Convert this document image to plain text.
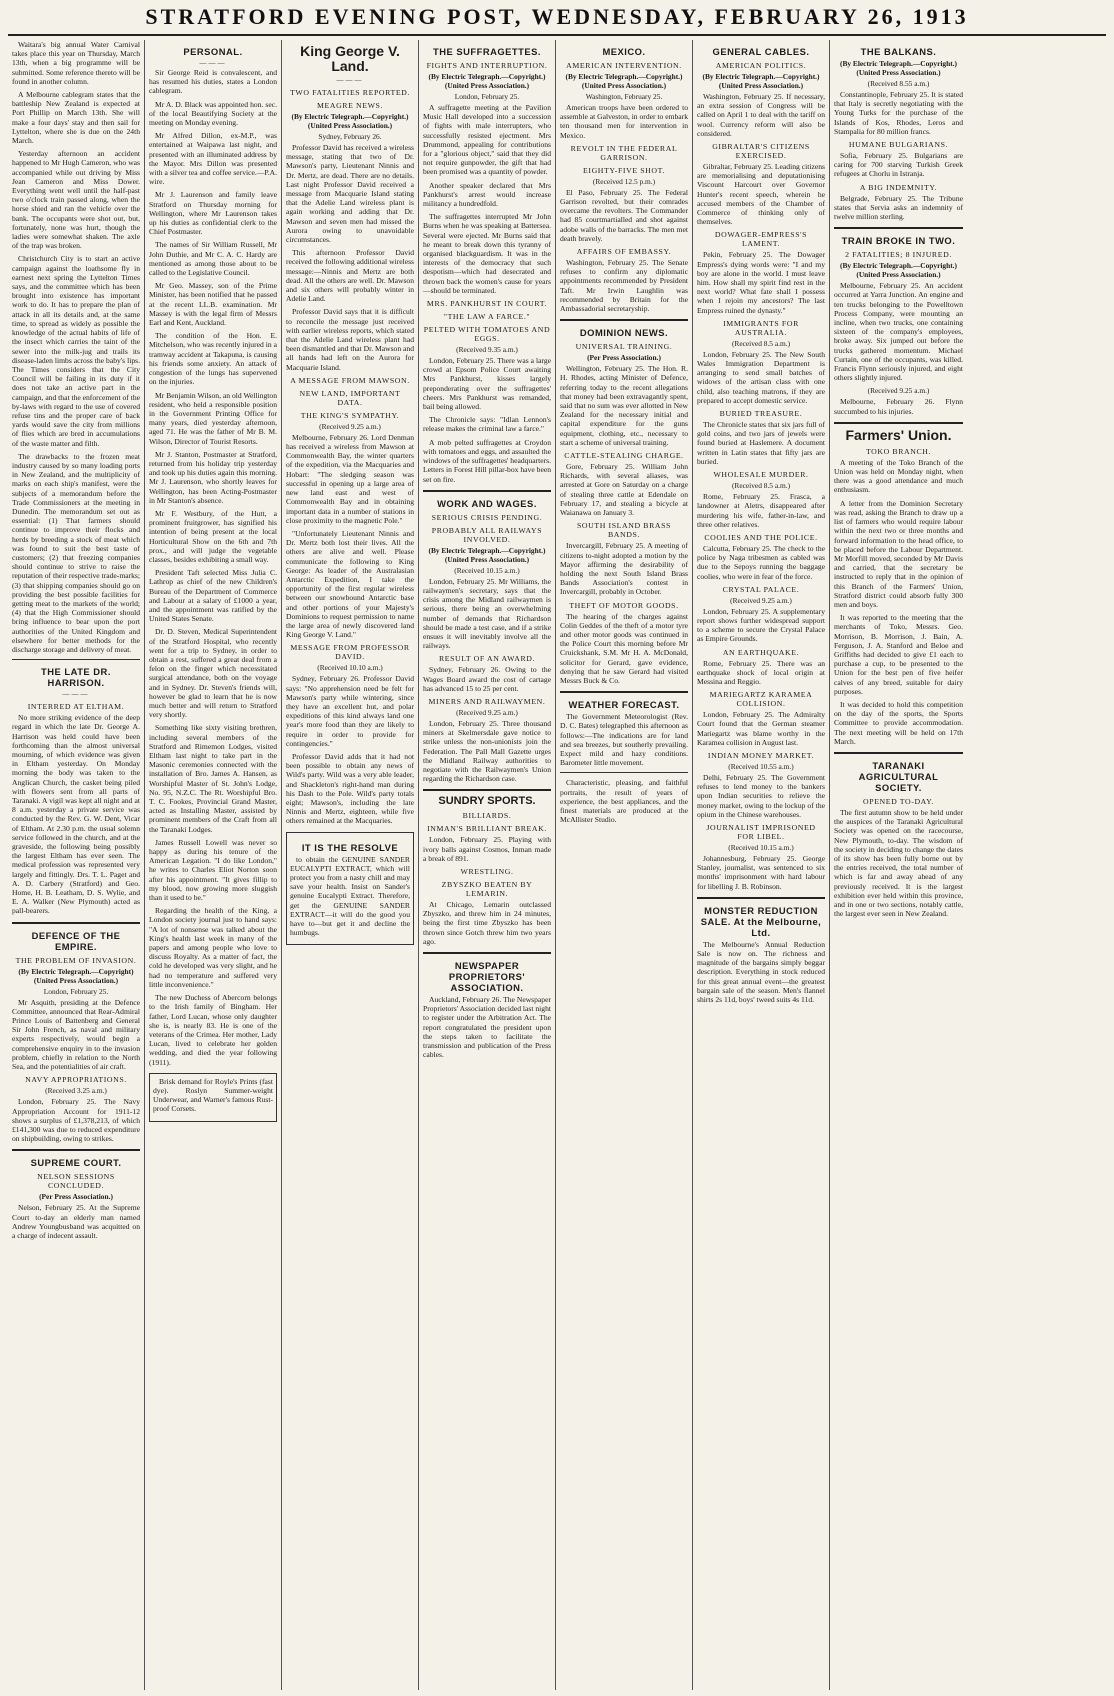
STRATFORD EVENING POST, WEDNESDAY, FEBRUARY 26, 1913

Waitara's big annual Water Carnival takes place this year on Thursday, March 13th, when a big programme will be submitted. Some reference thereto will be found in another column.

A Melbourne cablegram states that the battleship New Zealand is expected at Port Phillip on March 13th. She will make a four days' stay and then sail for Lyttelton, where she is due on the 24th March.

Yesterday afternoon an accident happened to Mr Hugh Cameron, who was accompanied while out driving by Miss Jean Cameron and Miss Dower. Everything went well until the half-past two o'clock train passed along, when the horse shied and ran the vehicle over the bank. The occupants were shot out, but, fortunately, none was hurt, though the ladies were somewhat shaken. The axle of the trap was broken.

Christchurch City is to start an active campaign against the loathsome fly in earnest next spring the Lyttelton Times says, and the committee which has been brought into existence has important work to do. It has to prepare the plan of attack in all its details and, at the same time, to spread as widely as possible the knowledge of the actual habits of life of the insect which carries the taint of the sewer into the milk-jug and trails its disease-laden limbs across the baby's lips. The Times considers that the City Council will be failing in its duty if it does not take an active part in the campaign, and that the enforcement of the by-laws with regard to the use of covered refuse tins and the proper care of back yards would save the city from millions of flies which are bred in accumulations of the waste matter and filth.

The drawbacks to the frozen meat industry caused by so many loading ports in New Zealand, and the multiplicity of marks on each ship's manifest, were the subjects of a memorandum before the Trade Commissioners at the meeting in Dunedin. The memorandum set out as essential: (1) That farmers should continue to improve their flocks and herds by breeding a stock of meat which was found to suit the best taste of customers; (2) that freezing companies should continue to strive to raise the reputation of their respective trade-marks; (3) that shipping companies should go on providing the best possible facilities for getting meat to the markets of the world; (4) that the High Commissioner should bring influence to bear upon the port authorities of the United Kingdom and elsewhere for better methods for the discharge storage and delivery of meat.

THE LATE DR. HARRISON.
———
INTERRED AT ELTHAM.

No more striking evidence of the deep regard in which the late Dr. George A. Harrison was held could have been forthcoming than the almost universal mourning, of which evidence was given in Eltham yesterday. On Monday morning the body was taken to the Anglican Church, the casket being piled with flowers sent from all parts of Taranaki. A vigil was kept all night and at 8 a.m. yesterday a private service was conducted by the Rev. G. W. Dent, Vicar of Eltham. At 2.30 p.m. the usual solemn service followed in the church, and at the graveside, the following being possibly the largest Eltham has ever seen. The medical profession was represented very largely and fittingly. Drs. T. L. Paget and A. D. Carbery (Stratford) and Geo. Home, H. B. Leatham, D. S. Wylie, and E. A. Walker (New Plymouth) acted as pall-bearers.

DEFENCE OF THE EMPIRE.
THE PROBLEM OF INVASION.
(By Electric Telegraph.—Copyright) (United Press Association.)
London, February 25.

Mr Asquith, presiding at the Defence Committee, announced that Rear-Admiral Prince Louis of Battenberg and General Sir John French, as naval and military experts respectively, would begin a comprehensive enquiry in to the invasion problem, chiefly in relation to the North Sea, and the potentialities of air craft.

NAVY APPROPRIATIONS.
(Received 3.25 a.m.)

London, February 25. The Navy Appropriation Account for 1911-12 shows a surplus of £1,378,213, of which £141,300 was due to reduced expenditure on shipbuilding, owing to strikes.

SUPREME COURT.
NELSON SESSIONS CONCLUDED.
(Per Press Association.)

Nelson, February 25. At the Supreme Court to-day an elderly man named Andrew Youngbusband was acquitted on a charge of indecent assault.

PERSONAL.
———

Sir George Reid is convalescent, and has resumed his duties, states a London cablegram.

Mr A. D. Black was appointed hon. sec. of the local Beautifying Society at the meeting on Monday evening.

Mr Alfred Dillon, ex-M.P., was entertained at Waipawa last night, and presented with an illuminated address by the Mayor. Mrs Dillon was presented with a silver tea and coffee service.—P.A. wire.

Mr J. Laurenson and family leave Stratford on Thursday morning for Wellington, where Mr Laurenson takes up his duties as confidential clerk to the Chief Postmaster.

The names of Sir William Russell, Mr John Duthie, and Mr C. A. C. Hardy are mentioned as among those about to be called to the Legislative Council.

Mr Geo. Massey, son of the Prime Minister, has been notified that he passed at the recent LL.B. examination. Mr Massey is with the legal firm of Messrs Earl and Kent, Auckland.

The condition of the Hon. E. Mitchelson, who was recently injured in a tramway accident at Takapuna, is causing his friends some anxiety. An attack of congestion of the lungs has supervened on the injuries.

Mr Benjamin Wilson, an old Wellington resident, who held a responsible position in the Government Printing Office for many years, died yesterday afternoon, aged 71. He was the father of Mr B. M. Wilson, Director of Tourist Resorts.

Mr J. Stanton, Postmaster at Stratford, returned from his holiday trip yesterday and took up his duties again this morning. Mr J. Laurenson, who shortly leaves for Wellington, has been Acting-Postmaster in Mr Stanton's absence.

Mr F. Westbury, of the Hutt, a prominent fruitgrower, has signified his intention of being present at the local Horticultural Show on the 6th and 7th prox., and will judge the vegetable classes, besides exhibiting a small way.

President Taft selected Miss Julia C. Lathrop as chief of the new Children's Bureau of the Department of Commerce and Labour at a salary of £1000 a year, and the appointment was ratified by the United States Senate.

Dr. D. Steven, Medical Superintendent of the Stratford Hospital, who recently went for a trip to Sydney, in order to obtain a rest, suffered a great deal from a felon on the finger which necessitated surgical attendance, both on the voyage and in Sydney. Dr. Steven's friends will, however be glad to learn that he is now much better and will return to Stratford very shortly.

Something like sixty visiting brethren, including several members of the Stratford and Rimemon Lodges, visited Eltham last night to take part in the Masonic ceremonies connected with the installation of Bro. James A. Hansen, as Worshipful Master of St. John's Lodge, No. 95, N.Z.C. The Rt. Worshipful Bro. T. C. Fookes, Provincial Grand Master, acted as Installing Master, assisted by prominent members of the Craft from all the Taranaki Lodges.

James Russell Lowell was never so happy as during his tenure of the American Legation. "I do like London," he writes to Charles Eliot Norton soon after his appointment. "It gives fillip to my blood, now growing more sluggish than it used to be."

Regarding the health of the King, a London society journal just to hand says: "A lot of nonsense was talked about the King's health last week in many of the papers and among people who love to discuss Royalty. As a matter of fact, the cold he developed was very slight, and he had no temperature and suffered very little inconvenience."

The new Duchess of Abercorn belongs to the Irish family of Bingham. Her father, Lord Lucan, whose only daughter she is, is nearly 83. He is one of the veterans of the Crimea. Her mother, Lady Lucan, lived to celebrate her golden wedding, and died the year following (1911).

Brisk demand for Royle's Prints (fast dye). Roslyn Summer-weight Underwear, and Warner's famous Rust-proof Corsets.

King George V. Land.
———
TWO FATALITIES REPORTED.
MEAGRE NEWS.
(By Electric Telegraph.—Copyright.) (United Press Association.)
Sydney, February 26.

Professor David has received a wireless message, stating that two of Dr. Mawson's party, Lieutenant Ninnis and Dr. Mertz, are dead. There are no details. Last night Professor David received a message from Macquarie Island stating that the Adelie Land wireless plant is again working and adding that Dr. Mawson and seven men had missed the Aurora owing to unavoidable circumstances.

This afternoon Professor David received the following additional wireless message:—Ninnis and Mertz are both dead. All the others are well. Dr. Mawson and six others will probably winter in Adelie Land.

Professor David says that it is difficult to reconcile the message just received with earlier wireless reports, which stated that the Adelie Land wireless plant had been dismantled and that Dr. Mawson and all hands had left on the Aurora for Macquarie Island.

A MESSAGE FROM MAWSON.
NEW LAND, IMPORTANT DATA.
THE KING'S SYMPATHY.
(Received 9.25 a.m.)

Melbourne, February 26. Lord Denman has received a wireless from Mawson at Commonwealth Bay, the winter quarters of the expedition, via the Macquaries and Hobart: "The sledging season was successful in opening up a large area of new land east and west of Commonwealth Bay and in obtaining important data in a number of stations in close proximity to the magnetic Pole."

"Unfortunately Lieutenant Ninnis and Dr. Mertz both lost their lives. All the others are alive and well. Please communicate the following to King George: As leader of the Australasian Antarctic Expedition, I take the opportunity of the first regular wireless between our snowbound Antarctic base and other portions of your Majesty's Dominions to request permission to name the large area of newly discovered land King George V. Land."

MESSAGE FROM PROFESSOR DAVID.
(Received 10.10 a.m.)

Sydney, February 26. Professor David says: "No apprehension need be felt for Mawson's party while wintering, since they have an excellent hut, and polar expeditions of this kind always land one year's more food than they are likely to require in order to provide for contingencies."

Professor David adds that it had not been possible to obtain any news of Wild's party. Wild was a very able leader, and Shackleton's right-hand man during his Dash to the Pole. Wild's party totals eight; Mawson's, including the late Ninnis and Mertz, eighteen, while five others remained at the Macquaries.

IT IS THE RESOLVE

to obtain the GENUINE SANDER EUCALYPTI EXTRACT, which will protect you from a nasty chill and may save your health. Insist on Sander's genuine Eucalypti Extract. Therefore, get the GENUINE SANDER EXTRACT—it will do the good you have to—but get it and decline the humbugs.

THE SUFFRAGETTES.
FIGHTS AND INTERRUPTION.
(By Electric Telegraph.—Copyright.) (United Press Association.)
London, February 25.

A suffragette meeting at the Pavilion Music Hall developed into a succession of fights with male interrupters, who successfully resisted ejectment. Mrs Drummond, appealing for contributions for a "glorious object," said that they did not require gunpowder, the gift that had been promised was a quantity of powder.

Another speaker declared that Mrs Pankhurst's arrest would increase militancy a hundredfold.

The suffragettes interrupted Mr John Burns when he was speaking at Battersea. Several were ejected. Mr Burns said that he meant to break down this tyranny of organised blackguardism. It was in the interests of the democracy that such despotism—which had desecrated and thrown back the women's cause for years—should be terminated.

MRS. PANKHURST IN COURT.
"THE LAW A FARCE."
PELTED WITH TOMATOES AND EGGS.
(Received 9.35 a.m.)

London, February 25. There was a large crowd at Epsom Police Court awaiting Mrs Pankhurst, kisses largely preponderating over the suffragettes' cheers. Mrs Pankhurst was remanded, bail being allowed.

The Chronicle says: "Idlan Lennon's release makes the criminal law a farce."

A mob pelted suffragettes at Croydon with tomatoes and eggs, and assaulted the windows of the suffragettes' headquarters. Letters in Forest Hill pillar-box have been set on fire.

WORK AND WAGES.
SERIOUS CRISIS PENDING.
PROBABLY ALL RAILWAYS INVOLVED.
(By Electric Telegraph.—Copyright.) (United Press Association.)
(Received 10.15 a.m.)

London, February 25. Mr Williams, the railwaymen's secretary, says that the crisis among the Midland railwaymen is serious, there being an overwhelming number of demands that Richardson should be made a test case, and if a strike ensues it will inevitably involve all the railways.

RESULT OF AN AWARD.

Sydney, February 26. Owing to the Wages Board award the cost of cartage has advanced 15 to 25 per cent.

MINERS AND RAILWAYMEN.
(Received 9.25 a.m.)

London, February 25. Three thousand miners at Skelmersdale gave notice to strike unless the non-unionists join the Federation. The Pall Mall Gazette urges the Midland Railway authorities to negotiate with the Railwaymen's Union regarding the Richardson case.

SUNDRY SPORTS.
BILLIARDS.
INMAN'S BRILLIANT BREAK.

London, February 25. Playing with ivory balls against Cosmos, Inman made a break of 891.

WRESTLING.
ZBYSZKO BEATEN BY LEMARIN.

At Chicago, Lemarin outclassed Zbyszko, and threw him in 24 minutes, being the first time Zbyszko has been thrown since Gotch threw him two years ago.

NEWSPAPER PROPRIETORS' ASSOCIATION.

Auckland, February 26. The Newspaper Proprietors' Association decided last night to register under the Arbitration Act. The report congratulated the president upon the steps taken to facilitate the transmission and publication of the Press cables.

MEXICO.
AMERICAN INTERVENTION.
(By Electric Telegraph.—Copyright.) (United Press Association.)
Washington, February 25.

American troops have been ordered to assemble at Galveston, in order to embark ten thousand men for intervention in Mexico.

REVOLT IN THE FEDERAL GARRISON.
EIGHTY-FIVE SHOT.
(Received 12.5 p.m.)

El Paso, February 25. The Federal Garrison revolted, but their comrades overcame the revolters. The Commander had 85 courtmartialled and shot against adobe walls of the barracks. The men met death bravely.

AFFAIRS OF EMBASSY.

Washington, February 25. The Senate refuses to confirm any diplomatic appointments recommended by President Taft. Mr Irwin Laughlin was recommended by Britain for the Ambassadorial secretaryship.

DOMINION NEWS.
UNIVERSAL TRAINING.
(Per Press Association.)

Wellington, February 25. The Hon. R. H. Rhodes, acting Minister of Defence, referring today to the recent allegations that money had been extravagantly spent, said that no sum was ever allotted in New Zealand for the necessary initial and capital expenditure for the guns equipment, clothing, etc., necessary to start a scheme of universal training.

CATTLE-STEALING CHARGE.

Gore, February 25. William John Richards, with several aliases, was arrested at Gore on Saturday on a charge of stealing three cattle at Edendale on February 17, and stealing a bicycle at Waianawa on January 3.

SOUTH ISLAND BRASS BANDS.

Invercargill, February 25. A meeting of citizens to-night adopted a motion by the Mayor affirming the desirability of holding the next South Island Brass Bands Association's contest in Invercargill, probably in October.

THEFT OF MOTOR GOODS.

The hearing of the charges against Colin Geddes of the theft of a motor tyre and other motor goods was continued in the Police Court this morning before Mr Cruickshank, S.M. Mr H. A. McDonald, solicitor for Gerard, gave evidence, denying that he saw Gerard had visited Messrs Buck & Co.

WEATHER FORECAST.

The Government Meteorologist (Rev. D. C. Bates) telegraphed this afternoon as follows:—The indications are for land and sea breezes, but southerly prevailing. Expect mild and hazy conditions. Barometer little movement.

Characteristic, pleasing, and faithful portraits, the result of years of experience, the best appliances, and the finest materials are produced at the McAllister Studio.

GENERAL CABLES.
AMERICAN POLITICS.
(By Electric Telegraph.—Copyright.) (United Press Association.)

Washington, February 25. If necessary, an extra session of Congress will be called on April 1 to deal with the tariff on wool. Currency reform will also be considered.

GIBRALTAR'S CITIZENS EXERCISED.

Gibraltar, February 25. Leading citizens are memorialising and deputationising Viscount Harcourt over Governor Hunter's recent speech, wherein he accused members of the Chamber of Commerce of thinking only of themselves.

DOWAGER-EMPRESS'S LAMENT.

Pekin, February 25. The Dowager Empress's dying words were: "I and my boy are alone in the world. I must leave him. How shall my spirit find rest in the next world? What fate shall I possess when I rejoin my ancestors? The last Empress ruined the dynasty."

IMMIGRANTS FOR AUSTRALIA.
(Received 8.5 a.m.)

London, February 25. The New South Wales Immigration Department is arranging to send small batches of widows of the artisan class with one child, also teaching matrons, if they are prepared to accept domestic service.

BURIED TREASURE.

The Chronicle states that six jars full of gold coins, and two jars of jewels were found buried at Haslemere. A document written in Latin states that fifty jars are buried.

WHOLESALE MURDER.
(Received 8.5 a.m.)

Rome, February 25. Frasca, a landowner at Aletrs, disappeared after murdering his wife, father-in-law, and three other relatives.

COOLIES AND THE POLICE.

Calcutta, February 25. The check to the police by Naga tribesmen as cabled was due to the Sepoys running the baggage coolies, who were in fear of the force.

CRYSTAL PALACE.
(Received 9.25 a.m.)

London, February 25. A supplementary report shows further widespread support to a scheme to secure the Crystal Palace as Empire Grounds.

AN EARTHQUAKE.

Rome, February 25. There was an earthquake shock of local origin at Messina and Reggio.

MARIEGARTZ KARAMEA COLLISION.

London, February 25. The Admiralty Court found that the German steamer Mariegartz was blame worthy in the Karamea collision in August last.

INDIAN MONEY MARKET.
(Received 10.55 a.m.)

Delhi, February 25. The Government refuses to lend money to the bankers upon Indian securities to relieve the money market, owing to the lockup of the opium in the Chinese warehouses.

JOURNALIST IMPRISONED FOR LIBEL.
(Received 10.15 a.m.)

Johannesburg, February 25. George Stanley, journalist, was sentenced to six months' imprisonment with hard labour for libelling J. B. Robinson.

MONSTER REDUCTION SALE. At the Melbourne, Ltd.

The Melbourne's Annual Reduction Sale is now on. The richness and magnitude of the bargains simply beggar description. Everything in stock reduced for this great annual event—the greatest bargain sale of the season. Men's flannel shirts 2s 11d, boys' tweed suits 4s 11d.

THE BALKANS.
(By Electric Telegraph.—Copyright.) (United Press Association.)
(Received 8.55 a.m.)

Constantinople, February 25. It is stated that Italy is secretly negotiating with the Young Turks for the purchase of the Islands of Kos, Rhodes, Leros and Stampalia for 80 million francs.

HUMANE BULGARIANS.

Sofia, February 25. Bulgarians are caring for 700 starving Turkish Greek refugees at Chorlu in Istranja.

A BIG INDEMNITY.

Belgrade, February 25. The Tribune states that Servia asks an indemnity of twelve million sterling.

TRAIN BROKE IN TWO.
2 FATALITIES; 8 INJURED.
(By Electric Telegraph.—Copyright.) (United Press Association.)

Melbourne, February 25. An accident occurred at Yarra Junction. An engine and ten trucks belonging to the Powelltown Process Company, were mounting an incline, when two trucks, one containing sixteen of the company's employees, broke away. Six jumped out before the trucks gathered momentum. Michael Curtain, one of the occupants, was killed. Francis Flynn seriously injured, and eight others slightly injured.

(Received 9.25 a.m.)

Melbourne, February 26. Flynn succumbed to his injuries.

Farmers' Union.
TOKO BRANCH.

A meeting of the Toko Branch of the Union was held on Monday night, when there was a good attendance and much enthusiasm.

A letter from the Dominion Secretary was read, asking the Branch to draw up a list of farmers who would require labour within the next two or three months and forward information to the head office, to be placed before the Labour Department. Mr Morfill moved, seconded by Mr Davis and carried, that the secretary be instructed to reply that in the opinion of this Branch of the Farmers' Union, Stratford district could absorb fully 300 men and boys.

It was reported to the meeting that the merchants of Toko, Messrs. Geo. Morrison, B. Morrison, J. Bain, A. Ferguson, J. A. Stanford and Beloe and Griffiths had decided to give £1 each to purchase a cup, to be presented to the Union for the best pen of five heifer calves of any breed, suitable for dairy purposes.

It was decided to hold this competition on the day of the sports, the Sports Committee to provide accommodation. The next meeting will be held on 17th March.

TARANAKI AGRICULTURAL SOCIETY.
OPENED TO-DAY.

The first autumn show to be held under the auspices of the Taranaki Agricultural Society was opened on the racecourse, New Plymouth, to-day. The wisdom of the society in deciding to change the dates of its show has been fully borne out by the entries received, the total number of which is far and away ahead of any previously received. It is the largest exhibition ever held within this province, and in one or two sections, notably cattle, the largest ever seen in New Zealand.
